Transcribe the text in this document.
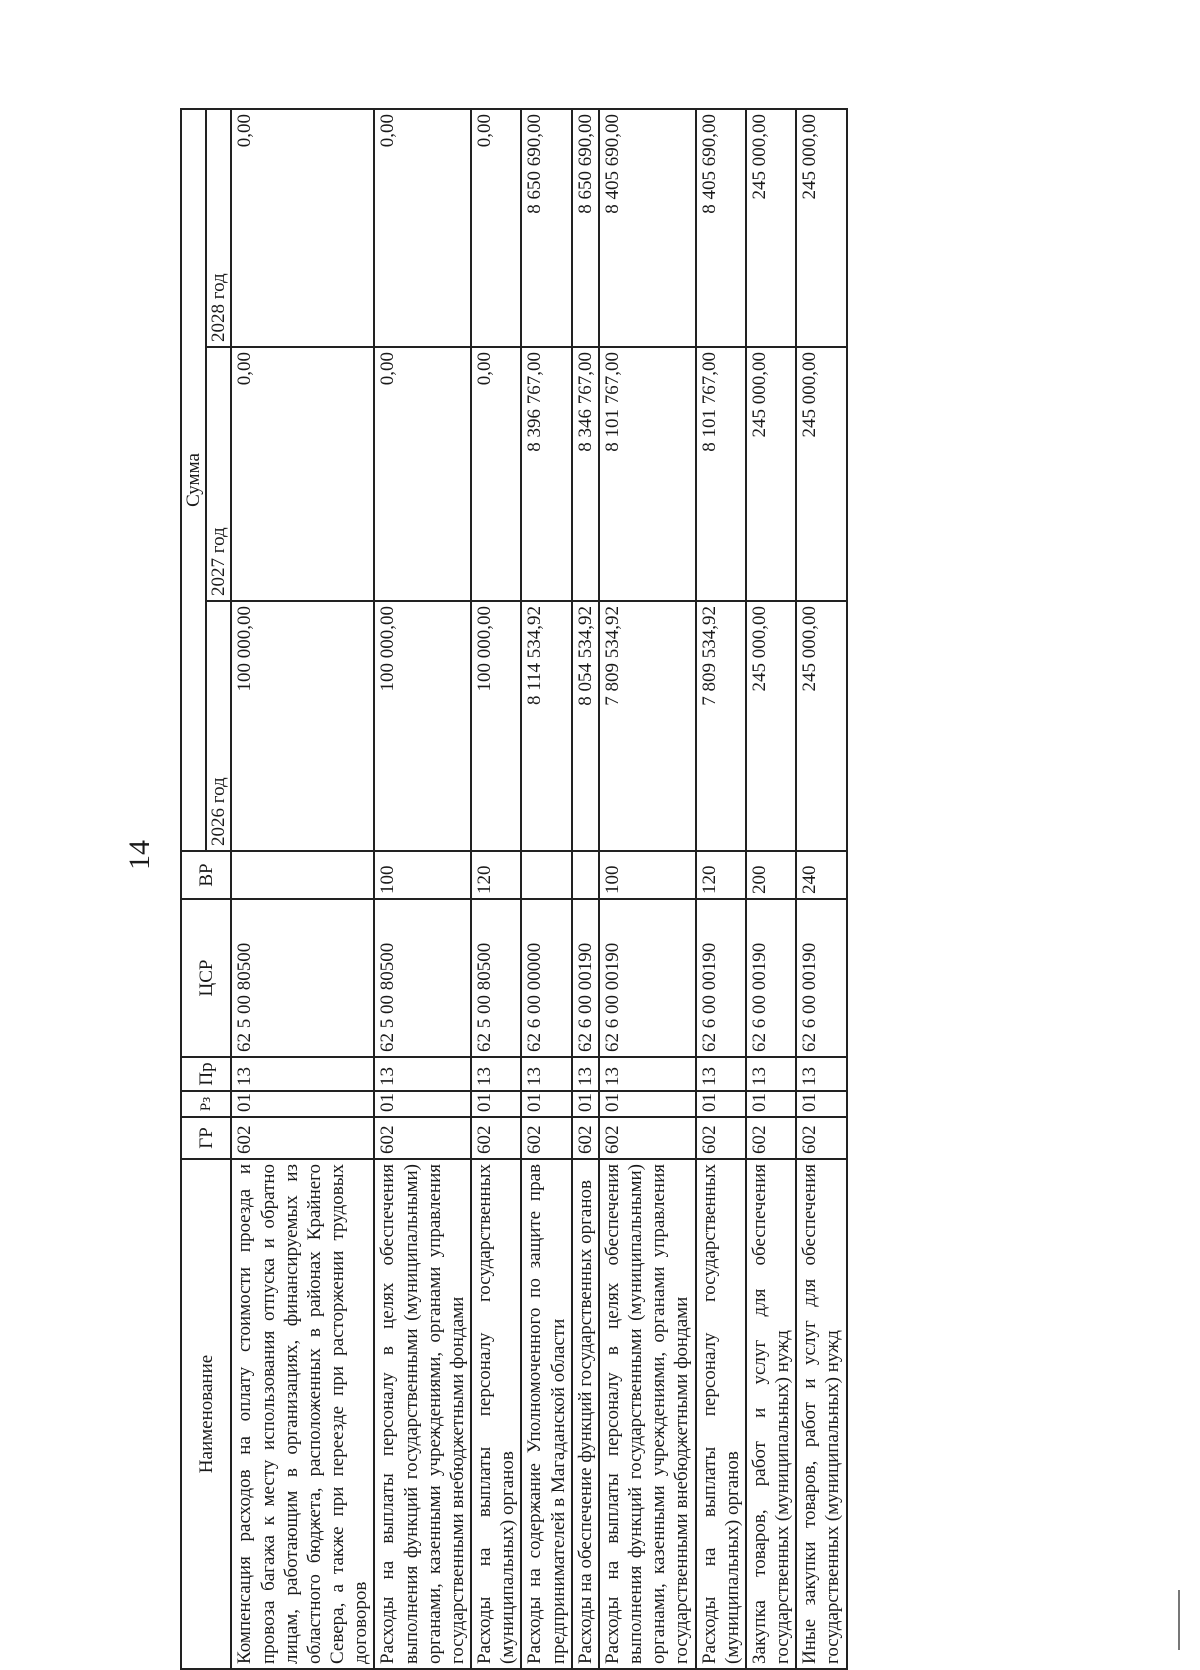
14
Наименование	ГР	Рз	Пр	ЦСР	ВР	Сумма		
						2026 год	2027 год	2028 год
Компенсация расходов на оплату стоимости проезда и провоза багажа к месту использования отпуска и обратно лицам, работающим в организациях, финансируемых из областного бюджета, расположенных в районах Крайнего Севера, а также при переезде при расторжении трудовых договоров	602	01	13	62 5 00 80500		100 000,00	0,00	0,00
Расходы на выплаты персоналу в целях обеспечения выполнения функций государственными (муниципальными) органами, казенными учреждениями, органами управления государственными внебюджетными фондами	602	01	13	62 5 00 80500	100	100 000,00	0,00	0,00
Расходы на выплаты персоналу государственных (муниципальных) органов	602	01	13	62 5 00 80500	120	100 000,00	0,00	0,00
Расходы на содержание Уполномоченного по защите прав предпринимателей в Магаданской области	602	01	13	62 6 00 00000		8 114 534,92	8 396 767,00	8 650 690,00
Расходы на обеспечение функций государственных органов	602	01	13	62 6 00 00190		8 054 534,92	8 346 767,00	8 650 690,00
Расходы на выплаты персоналу в целях обеспечения выполнения функций государственными (муниципальными) органами, казенными учреждениями, органами управления государственными внебюджетными фондами	602	01	13	62 6 00 00190	100	7 809 534,92	8 101 767,00	8 405 690,00
Расходы на выплаты персоналу государственных (муниципальных) органов	602	01	13	62 6 00 00190	120	7 809 534,92	8 101 767,00	8 405 690,00
Закупка товаров, работ и услуг для обеспечения государственных (муниципальных) нужд	602	01	13	62 6 00 00190	200	245 000,00	245 000,00	245 000,00
Иные закупки товаров, работ и услуг для обеспечения государственных (муниципальных) нужд	602	01	13	62 6 00 00190	240	245 000,00	245 000,00	245 000,00
